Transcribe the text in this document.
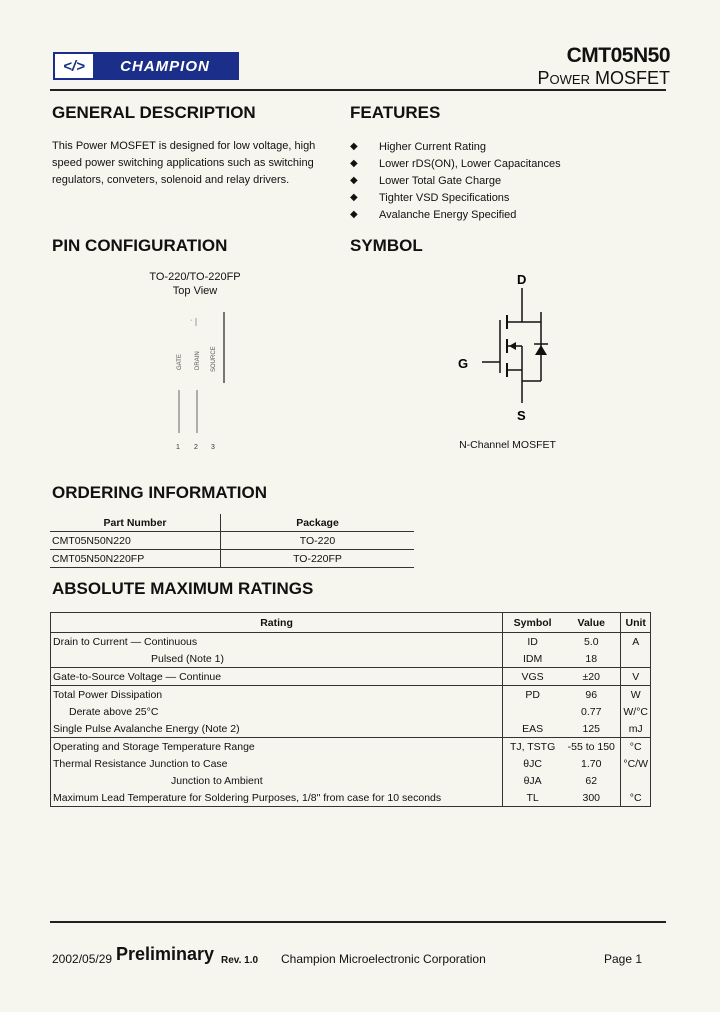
</>	CHAMPION	CMT05N50
POWER MOSFET
GENERAL DESCRIPTION
This Power MOSFET is designed for low voltage, high
speed power switching applications such as switching
regulators, conveters, solenoid and relay drivers.
FEATURES
◆	Higher Current Rating
◆	Lower rDS(ON), Lower Capacitances
◆	Lower Total Gate Charge
◆	Tighter VSD Specifications
◆	Avalanche Energy Specified
PIN CONFIGURATION
TO-220/TO-220FP
Top View
·
GATE DRAIN SOURCE
1 2 3
SYMBOL
D
G
S
N-Channel MOSFET
ORDERING INFORMATION
Part Number	Package
CMT05N50N220	TO-220
CMT05N50N220FP	TO-220FP
ABSOLUTE MAXIMUM RATINGS
Rating	Symbol	Value	Unit
Drain to Current — Continuous	ID	5.0	A
Pulsed (Note 1)	IDM	18	
Gate-to-Source Voltage — Continue	VGS	±20	V
Total Power Dissipation	PD	96	W
Derate above 25°C		0.77	W/°C
Single Pulse Avalanche Energy (Note 2)	EAS	125	mJ
Operating and Storage Temperature Range	TJ, TSTG	-55 to 150	°C
Thermal Resistance Junction to Case	θJC	1.70	°C/W
Junction to Ambient	θJA	62	
Maximum Lead Temperature for Soldering Purposes, 1/8" from case for 10 seconds	TL	300	°C
2002/05/29 Preliminary Rev. 1.0 Champion Microelectronic Corporation	Page 1
